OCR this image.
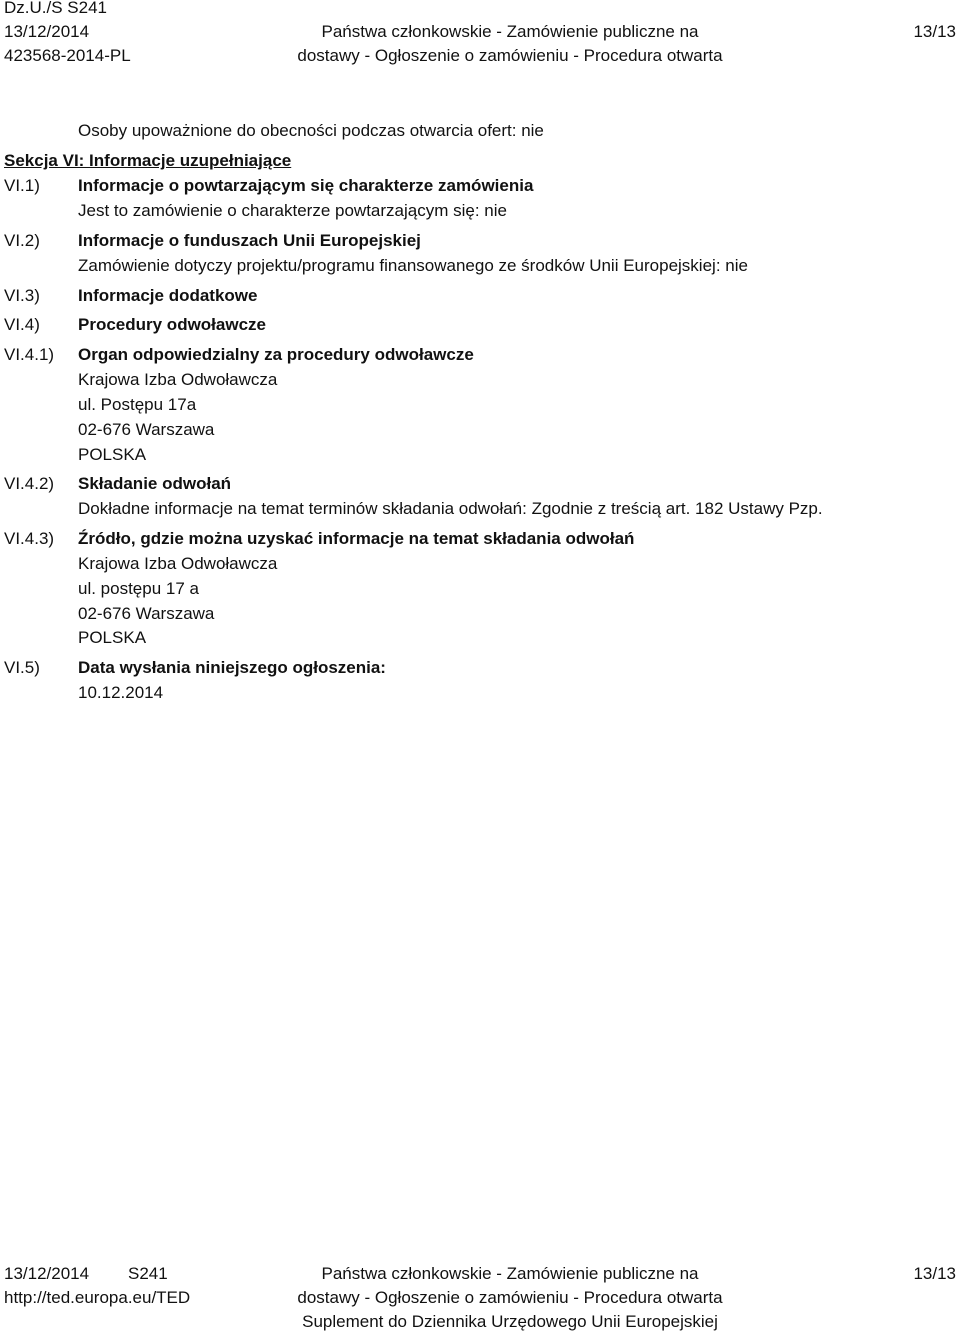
Dz.U./S S241
13/12/2014
423568-2014-PL
Państwa członkowskie - Zamówienie publiczne na
dostawy - Ogłoszenie o zamówieniu - Procedura otwarta
13/13
Osoby upoważnione do obecności podczas otwarcia ofert: nie
Sekcja VI: Informacje uzupełniające
VI.1) Informacje o powtarzającym się charakterze zamówienia
Jest to zamówienie o charakterze powtarzającym się: nie
VI.2) Informacje o funduszach Unii Europejskiej
Zamówienie dotyczy projektu/programu finansowanego ze środków Unii Europejskiej: nie
VI.3) Informacje dodatkowe
VI.4) Procedury odwoławcze
VI.4.1) Organ odpowiedzialny za procedury odwoławcze
Krajowa Izba Odwoławcza
ul. Postępu 17a
02-676 Warszawa
POLSKA
VI.4.2) Składanie odwołań
Dokładne informacje na temat terminów składania odwołań: Zgodnie z treścią art. 182 Ustawy Pzp.
VI.4.3) Źródło, gdzie można uzyskać informacje na temat składania odwołań
Krajowa Izba Odwoławcza
ul. postępu 17 a
02-676 Warszawa
POLSKA
VI.5) Data wysłania niniejszego ogłoszenia:
10.12.2014
13/12/2014 S241
http://ted.europa.eu/TED
Państwa członkowskie - Zamówienie publiczne na
dostawy - Ogłoszenie o zamówieniu - Procedura otwarta
Suplement do Dziennika Urzędowego Unii Europejskiej
13/13
